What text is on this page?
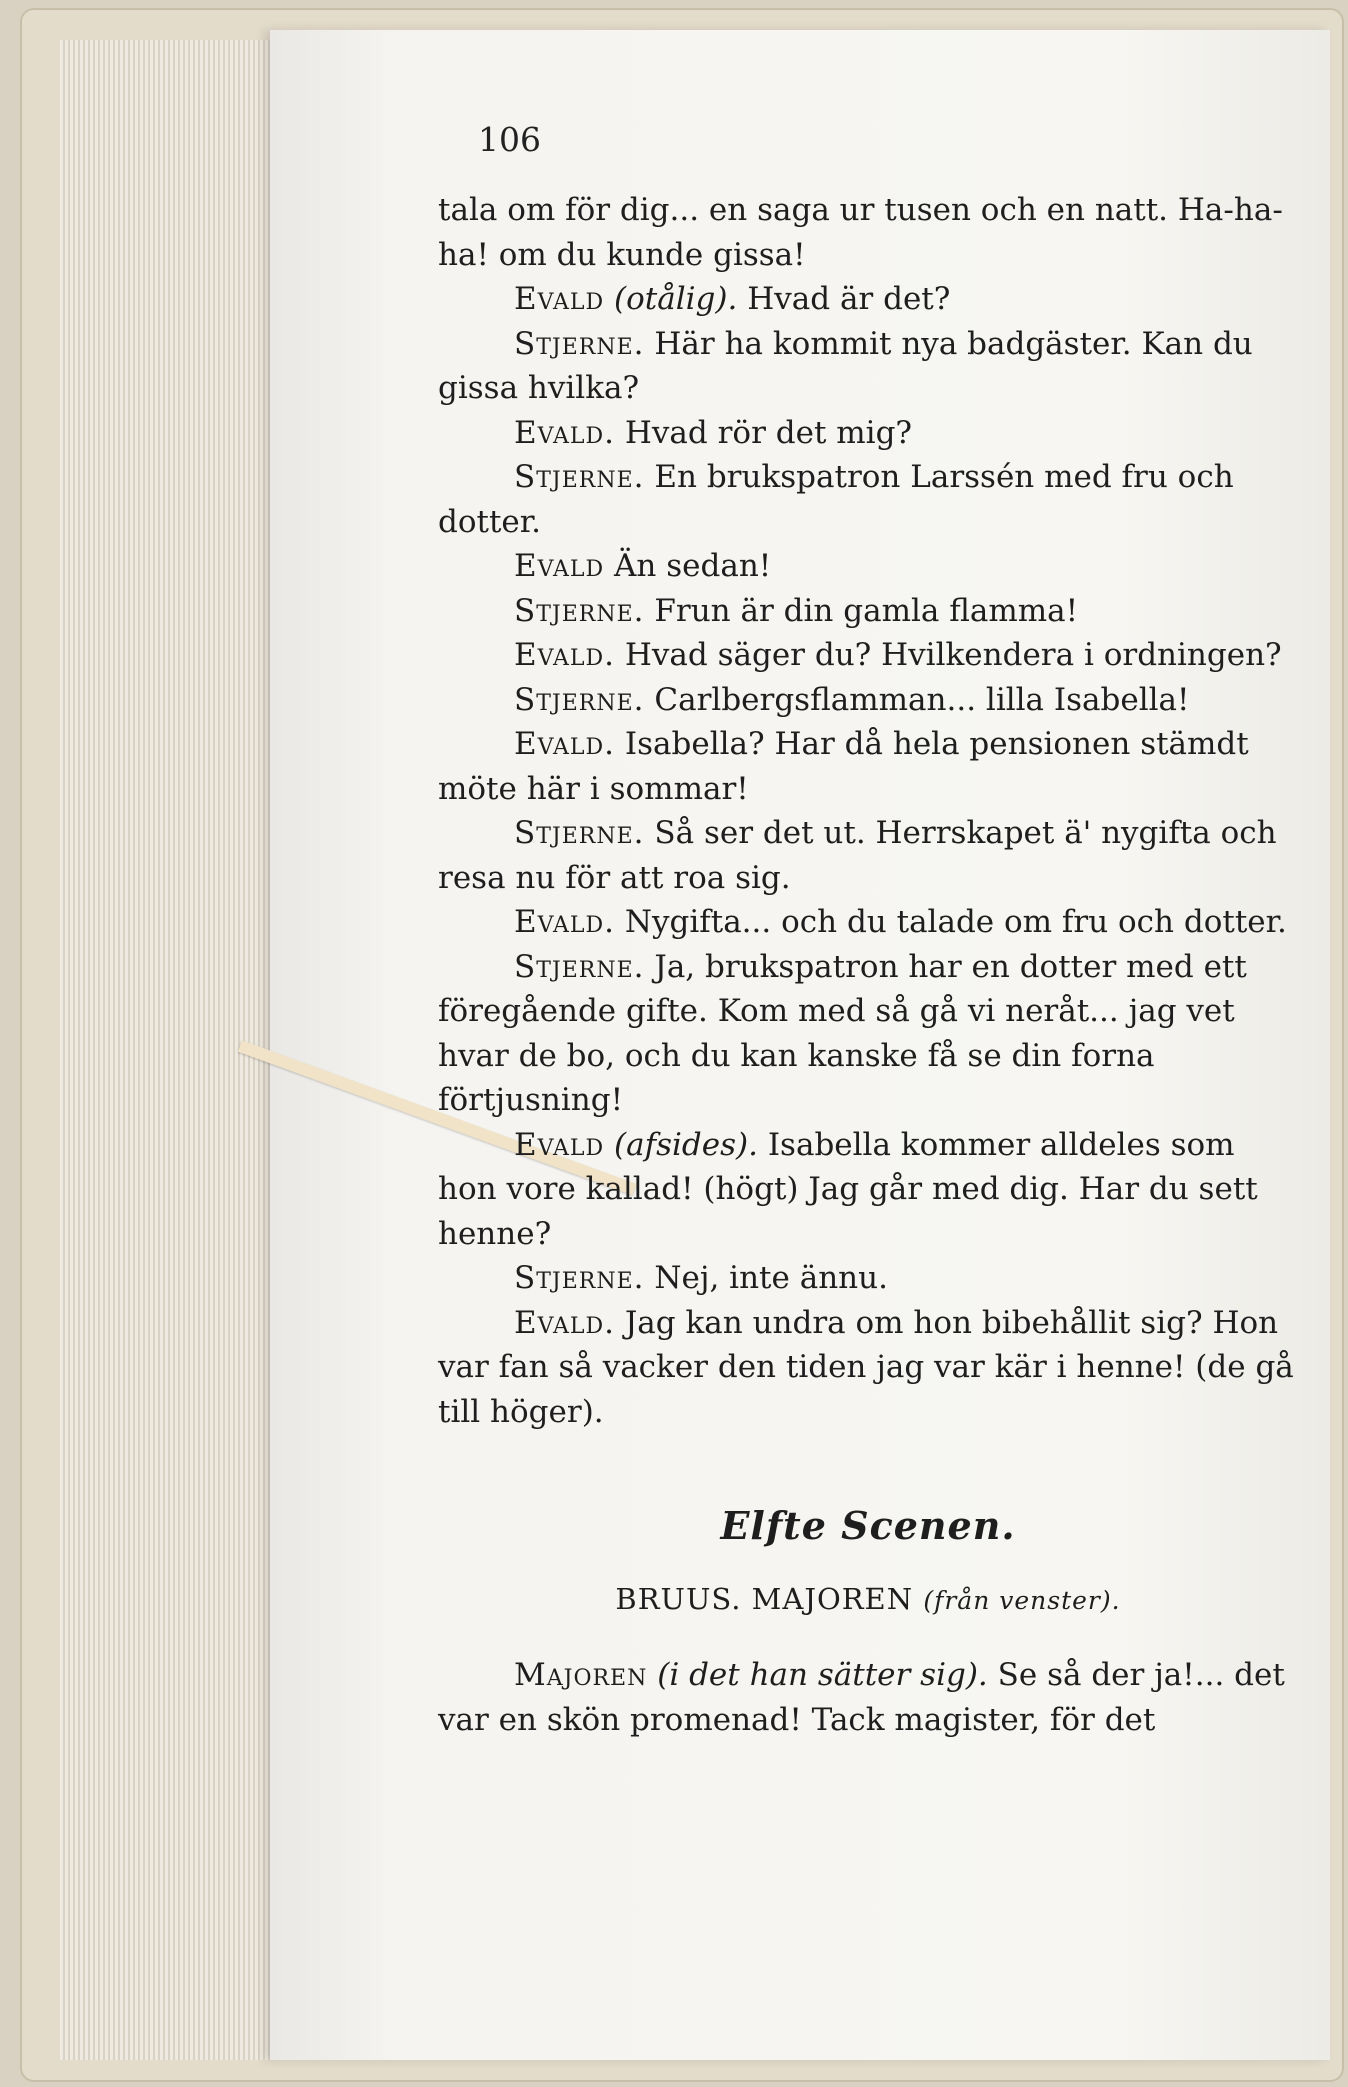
106

tala om för dig... en saga ur tusen och en natt. Ha-ha-ha! om du kunde gissa!

Evald (otålig). Hvad är det?

Stjerne. Här ha kommit nya badgäster. Kan du gissa hvilka?

Evald. Hvad rör det mig?

Stjerne. En brukspatron Larssén med fru och dotter.

Evald Än sedan!

Stjerne. Frun är din gamla flamma!

Evald. Hvad säger du? Hvilkendera i ordningen?

Stjerne. Carlbergsflamman... lilla Isabella!

Evald. Isabella? Har då hela pensionen stämdt möte här i sommar!

Stjerne. Så ser det ut. Herrskapet ä' nygifta och resa nu för att roa sig.

Evald. Nygifta... och du talade om fru och dotter.

Stjerne. Ja, brukspatron har en dotter med ett föregående gifte. Kom med så gå vi neråt... jag vet hvar de bo, och du kan kanske få se din forna förtjusning!

Evald (afsides). Isabella kommer alldeles som hon vore kallad! (högt) Jag går med dig. Har du sett henne?

Stjerne. Nej, inte ännu.

Evald. Jag kan undra om hon bibehållit sig? Hon var fan så vacker den tiden jag var kär i henne! (de gå till höger).

Elfte Scenen.
BRUUS. MAJOREN (från venster).

Majoren (i det han sätter sig). Se så der ja!... det var en skön promenad! Tack magister, för det
